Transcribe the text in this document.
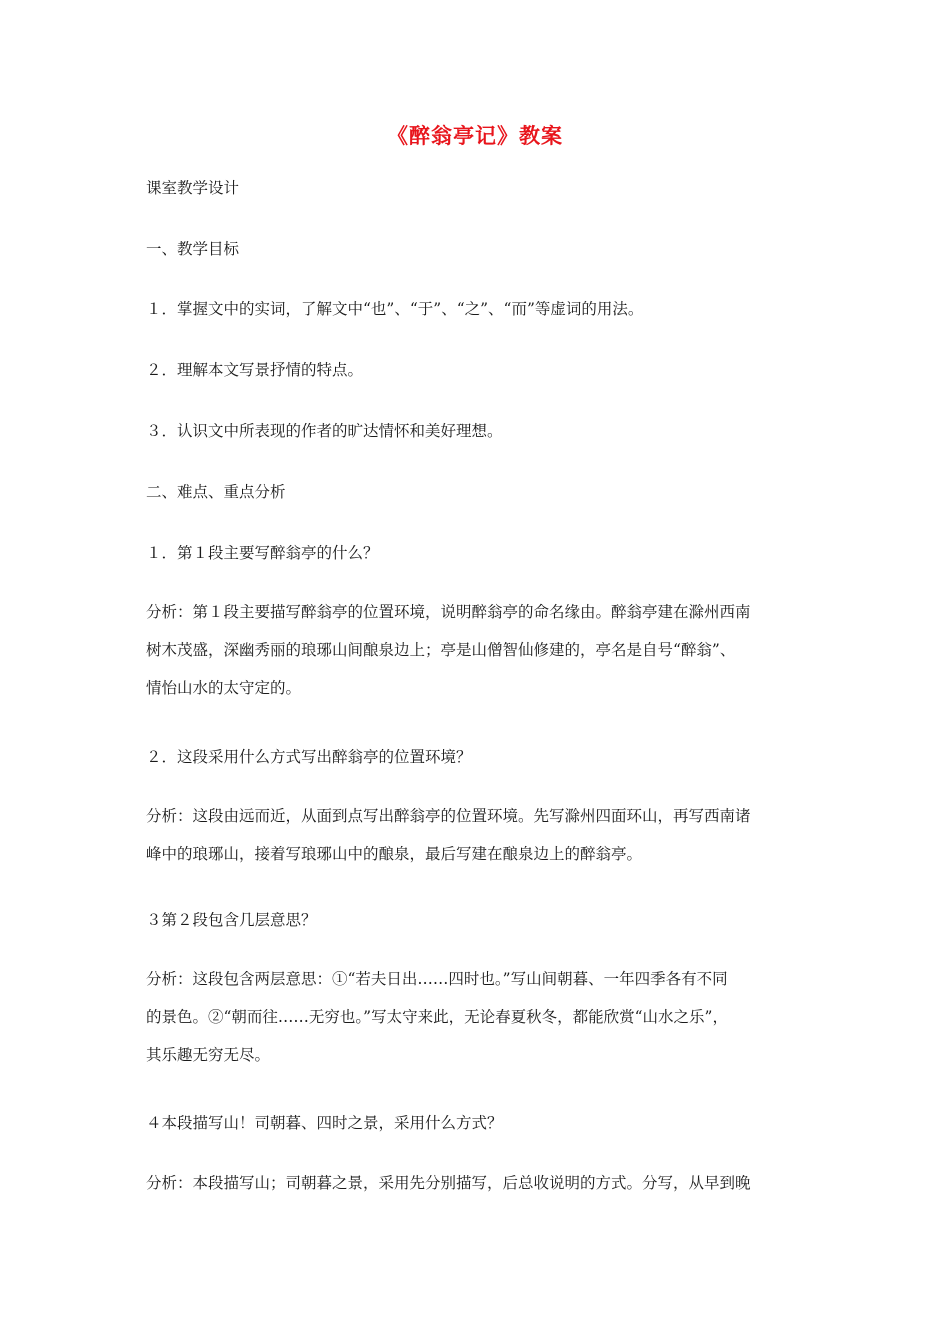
《醉翁亭记》教案
课室教学设计
一、教学目标
１．掌握文中的实词，了解文中“也”、“于”、“之”、“而”等虚词的用法。
２．理解本文写景抒情的特点。
３．认识文中所表现的作者的旷达情怀和美好理想。
二、难点、重点分析
１．第１段主要写醉翁亭的什么？
分析：第１段主要描写醉翁亭的位置环境，说明醉翁亭的命名缘由。醉翁亭建在滁州西南
树木茂盛，深幽秀丽的琅琊山间酿泉边上；亭是山僧智仙修建的，亭名是自号“醉翁”、
情怡山水的太守定的。
２．这段采用什么方式写出醉翁亭的位置环境？
分析：这段由远而近，从面到点写出醉翁亭的位置环境。先写滁州四面环山，再写西南诸
峰中的琅琊山，接着写琅琊山中的酿泉，最后写建在酿泉边上的醉翁亭。
３第２段包含几层意思？
分析：这段包含两层意思：①“若夫日出……四时也。”写山间朝暮、一年四季各有不同
的景色。②“朝而往……无穷也。”写太守来此，无论春夏秋冬，都能欣赏“山水之乐”，
其乐趣无穷无尽。
４本段描写山！司朝暮、四时之景，采用什么方式？
分析：本段描写山；司朝暮之景，采用先分别描写，后总收说明的方式。分写，从早到晚
